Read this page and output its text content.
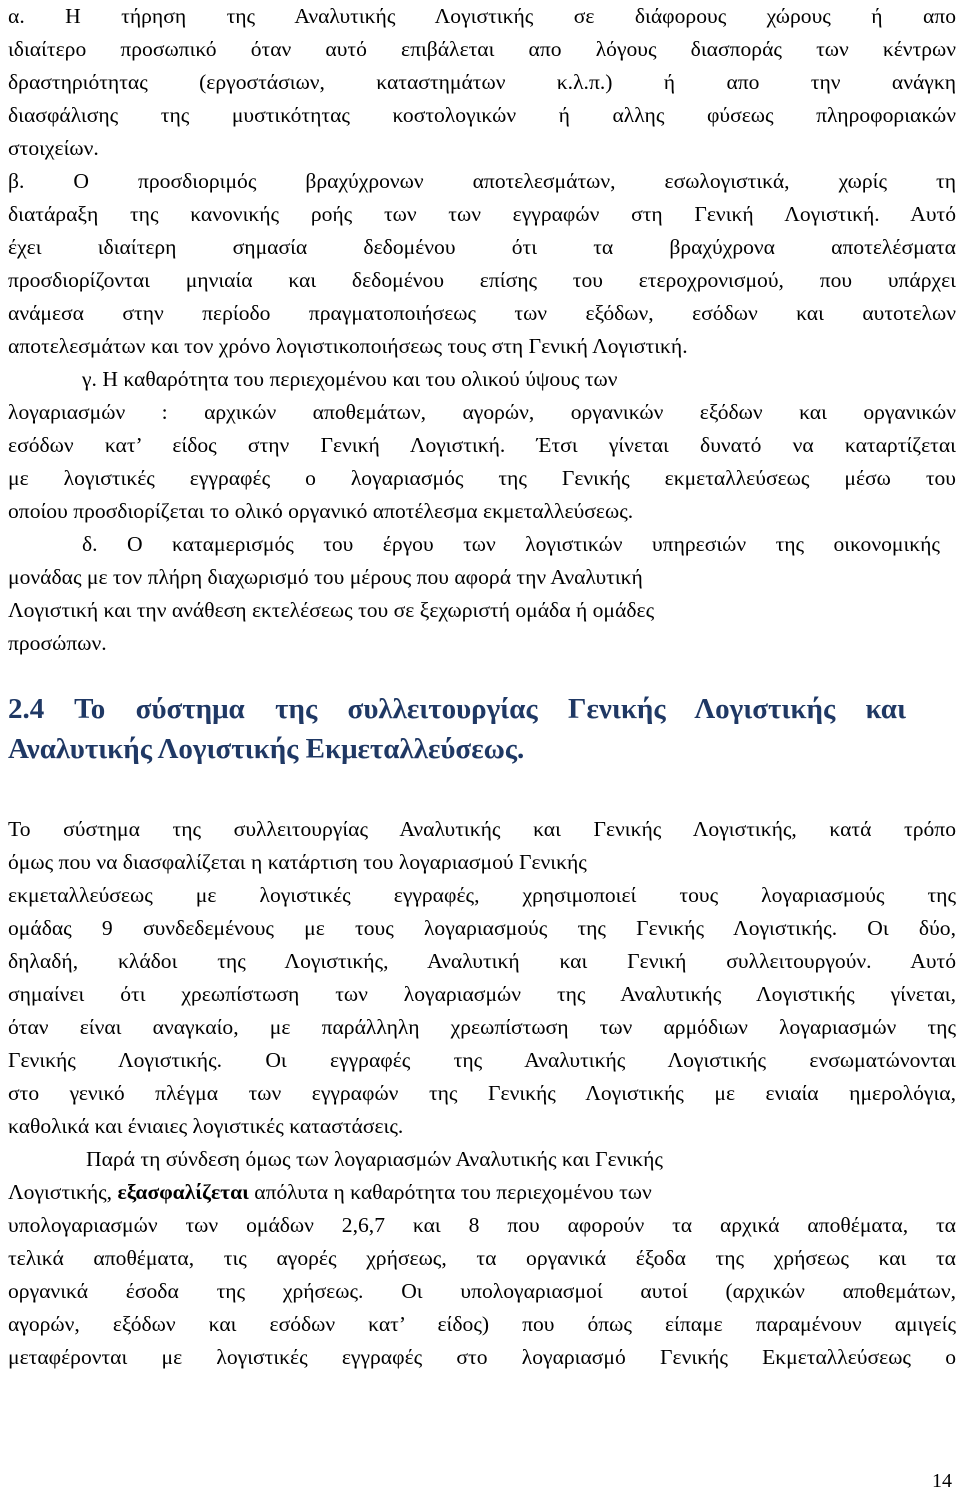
α. Η τήρηση της Αναλυτικής Λογιστικής σε διάφορους χώρους ή απο
ιδιαίτερο προσωπικό όταν αυτό επιβάλεται απο λόγους διασποράς των κέντρων
δραστηριότητας (εργοστάσιων, καταστημάτων κ.λ.π.) ή απο την ανάγκη
διασφάλισης της μυστικότητας κοστολογικών ή αλλης φύσεως πληροφοριακών
στοιχείων.
β. Ο προσδιοριμός βραχύχρονων αποτελεσμάτων, εσωλογιστικά, χωρίς τη
διατάραξη της κανονικής ροής των των εγγραφών στη Γενική Λογιστική. Αυτό
έχει ιδιαίτερη σημασία δεδομένου ότι τα βραχύχρονα αποτελέσματα
προσδιορίζονται μηνιαία και δεδομένου επίσης του ετεροχρονισμού, που υπάρχει
ανάμεσα στην περίοδο πραγματοποιήσεως των εξόδων, εσόδων και αυτοτελων
αποτελεσμάτων και τον χρόνο λογιστικοποιήσεως τους στη Γενική Λογιστική.
γ. Η καθαρότητα του περιεχομένου και του ολικού ύψους των
λογαριασμών : αρχικών αποθεμάτων, αγορών, οργανικών εξόδων και οργανικών
εσόδων κατ’ είδος στην Γενική Λογιστική. Έτσι γίνεται δυνατό να καταρτίζεται
με λογιστικές εγγραφές ο λογαριασμός της Γενικής εκμεταλλεύσεως μέσω του
οποίου προσδιορίζεται το ολικό οργανικό αποτέλεσμα εκμεταλλεύσεως.
δ. Ο καταμερισμός του έργου των λογιστικών υπηρεσιών της οικονομικής
μονάδας με τον πλήρη διαχωρισμό του μέρους που αφορά την Αναλυτική
Λογιστική και την ανάθεση εκτελέσεως του σε ξεχωριστή ομάδα ή ομάδες
προσώπων.
2.4 Το σύστημα της συλλειτουργίας Γενικής Λογιστικής και
Αναλυτικής Λογιστικής Εκμεταλλεύσεως.
Το σύστημα της συλλειτουργίας Αναλυτικής και Γενικής Λογιστικής, κατά τρόπο
όμως που να διασφαλίζεται η κατάρτιση του λογαριασμού Γενικής
εκμεταλλεύσεως με λογιστικές εγγραφές, χρησιμοποιεί τους λογαριασμούς της
ομάδας 9 συνδεδεμένους με τους λογαριασμούς της Γενικής Λογιστικής. Οι δύο,
δηλαδή, κλάδοι της Λογιστικής, Αναλυτική και Γενική συλλειτουργούν. Αυτό
σημαίνει ότι χρεωπίστωση των λογαριασμών της Αναλυτικής Λογιστικής γίνεται,
όταν είναι αναγκαίο, με παράλληλη χρεωπίστωση των αρμόδιων λογαριασμών της
Γενικής Λογιστικής. Οι εγγραφές της Αναλυτικής Λογιστικής ενσωματώνονται
στο γενικό πλέγμα των εγγραφών της Γενικής Λογιστικής με ενιαία ημερολόγια,
καθολικά και ένιαιες λογιστικές καταστάσεις.
Παρά τη σύνδεση όμως των λογαριασμών Αναλυτικής και Γενικής
Λογιστικής, εξασφαλίζεται απόλυτα η καθαρότητα του περιεχομένου των
υπολογαριασμών των ομάδων 2,6,7 και 8 που αφορούν τα αρχικά αποθέματα, τα
τελικά αποθέματα, τις αγορές χρήσεως, τα οργανικά έξοδα της χρήσεως και τα
οργανικά έσοδα της χρήσεως. Οι υπολογαριασμοί αυτοί (αρχικών αποθεμάτων,
αγορών, εξόδων και εσόδων κατ’ είδος) που όπως είπαμε παραμένουν αμιγείς
μεταφέρονται με λογιστικές εγγραφές στο λογαριασμό Γενικής Εκμεταλλεύσεως ο
14
